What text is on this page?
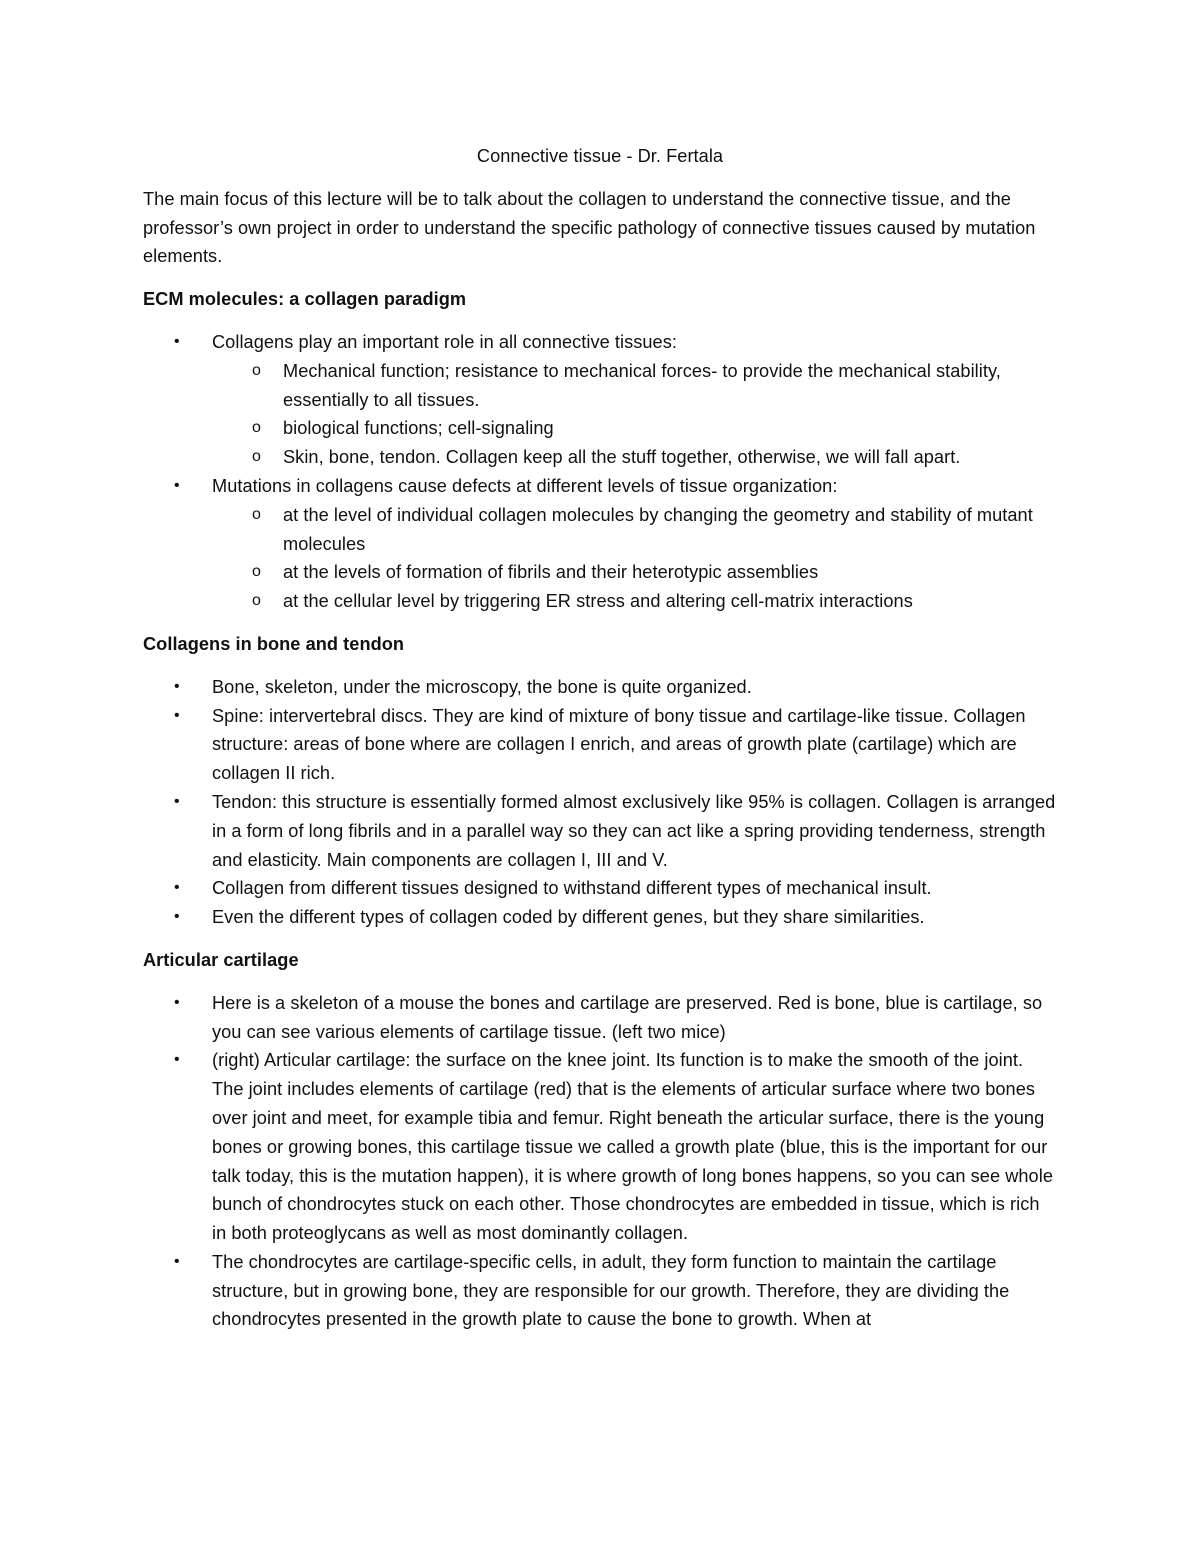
Connective tissue - Dr. Fertala
The main focus of this lecture will be to talk about the collagen to understand the connective tissue, and the professor’s own project in order to understand the specific pathology of connective tissues caused by mutation elements.
ECM molecules: a collagen paradigm
• Collagens play an important role in all connective tissues:
o Mechanical function; resistance to mechanical forces- to provide the mechanical stability, essentially to all tissues.
o biological functions; cell-signaling
o Skin, bone, tendon. Collagen keep all the stuff together, otherwise, we will fall apart.
• Mutations in collagens cause defects at different levels of tissue organization:
o at the level of individual collagen molecules by changing the geometry and stability of mutant molecules
o at the levels of formation of fibrils and their heterotypic assemblies
o at the cellular level by triggering ER stress and altering cell-matrix interactions
Collagens in bone and tendon
• Bone, skeleton, under the microscopy, the bone is quite organized.
• Spine: intervertebral discs. They are kind of mixture of bony tissue and cartilage-like tissue. Collagen structure: areas of bone where are collagen I enrich, and areas of growth plate (cartilage) which are collagen II rich.
• Tendon: this structure is essentially formed almost exclusively like 95% is collagen. Collagen is arranged in a form of long fibrils and in a parallel way so they can act like a spring providing tenderness, strength and elasticity. Main components are collagen I, III and V.
• Collagen from different tissues designed to withstand different types of mechanical insult.
• Even the different types of collagen coded by different genes, but they share similarities.
Articular cartilage
• Here is a skeleton of a mouse the bones and cartilage are preserved. Red is bone, blue is cartilage, so you can see various elements of cartilage tissue. (left two mice)
• (right) Articular cartilage: the surface on the knee joint. Its function is to make the smooth of the joint. The joint includes elements of cartilage (red) that is the elements of articular surface where two bones over joint and meet, for example tibia and femur. Right beneath the articular surface, there is the young bones or growing bones, this cartilage tissue we called a growth plate (blue, this is the important for our talk today, this is the mutation happen), it is where growth of long bones happens, so you can see whole bunch of chondrocytes stuck on each other. Those chondrocytes are embedded in tissue, which is rich in both proteoglycans as well as most dominantly collagen.
• The chondrocytes are cartilage-specific cells, in adult, they form function to maintain the cartilage structure, but in growing bone, they are responsible for our growth. Therefore, they are dividing the chondrocytes presented in the growth plate to cause the bone to growth. When at
